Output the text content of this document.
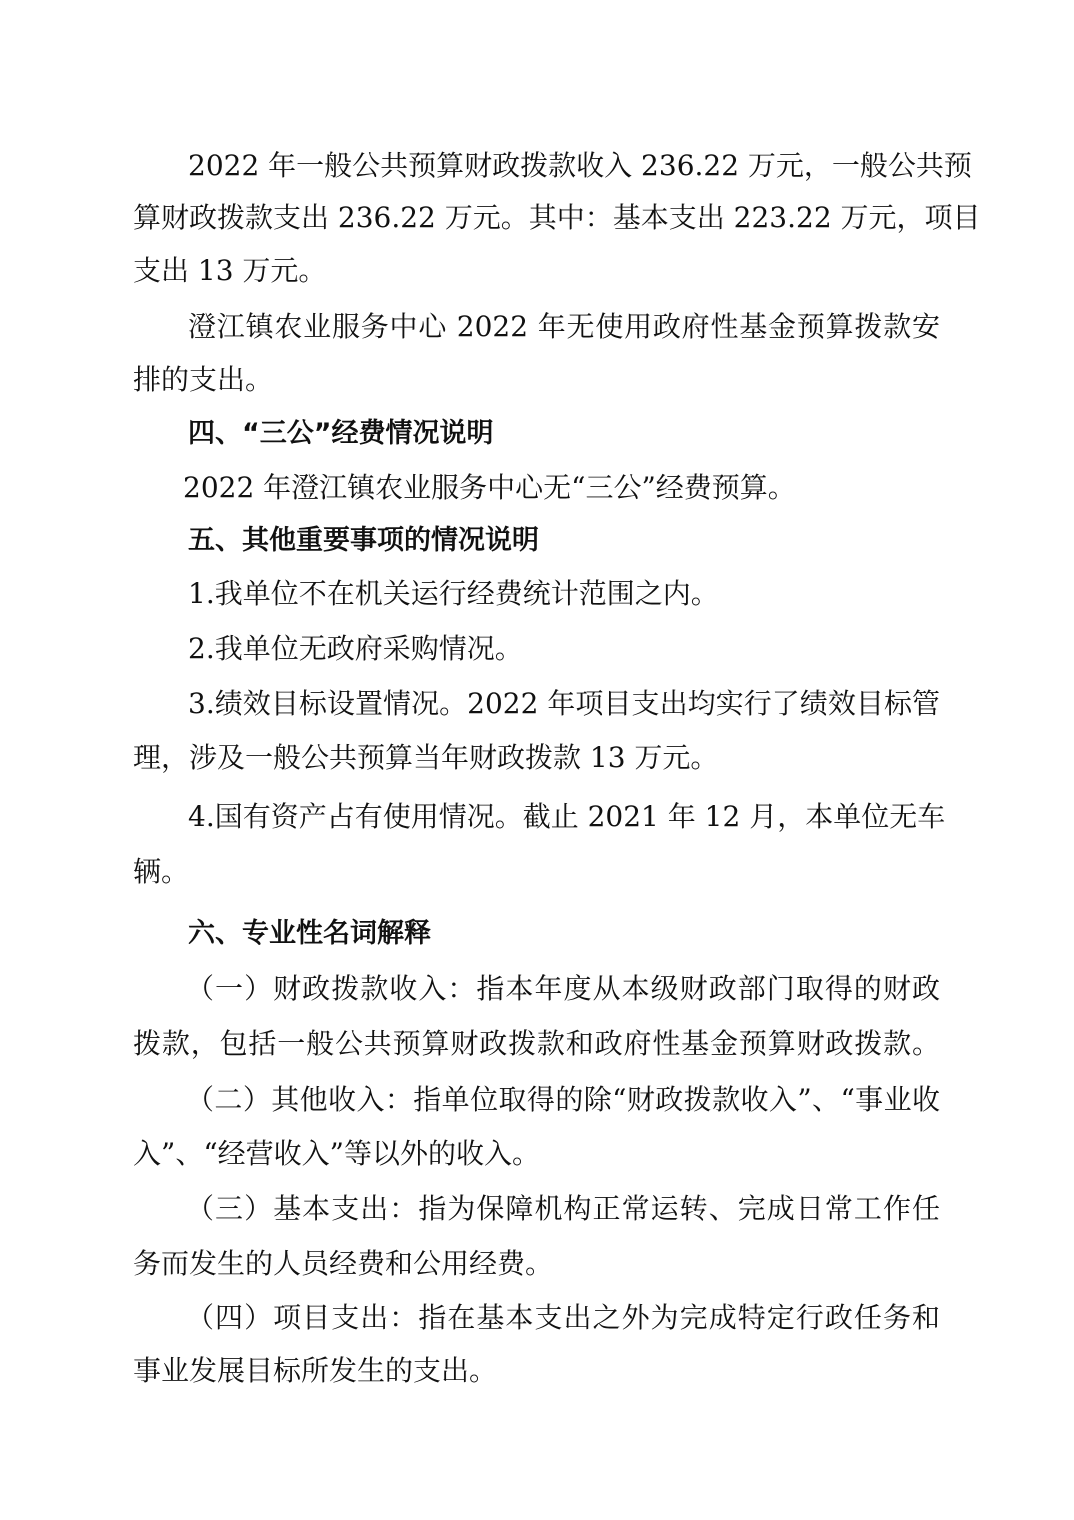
2022 年一般公共预算财政拨款收入 236.22 万元，一般公共预
算财政拨款支出 236.22 万元。其中：基本支出 223.22 万元，项目
支出 13 万元。
澄江镇农业服务中心 2022 年无使用政府性基金预算拨款安
排的支出。
四、“三公”经费情况说明
2022 年澄江镇农业服务中心无“三公”经费预算。
五、其他重要事项的情况说明
1.我单位不在机关运行经费统计范围之内。
2.我单位无政府采购情况。
3.绩效目标设置情况。2022 年项目支出均实行了绩效目标管
理，涉及一般公共预算当年财政拨款 13 万元。
4.国有资产占有使用情况。截止 2021 年 12 月，本单位无车
辆。
六、专业性名词解释
（一）财政拨款收入：指本年度从本级财政部门取得的财政
拨款，包括一般公共预算财政拨款和政府性基金预算财政拨款。
（二）其他收入：指单位取得的除“财政拨款收入”、“事业收
入”、“经营收入”等以外的收入。
（三）基本支出：指为保障机构正常运转、完成日常工作任
务而发生的人员经费和公用经费。
（四）项目支出：指在基本支出之外为完成特定行政任务和
事业发展目标所发生的支出。
